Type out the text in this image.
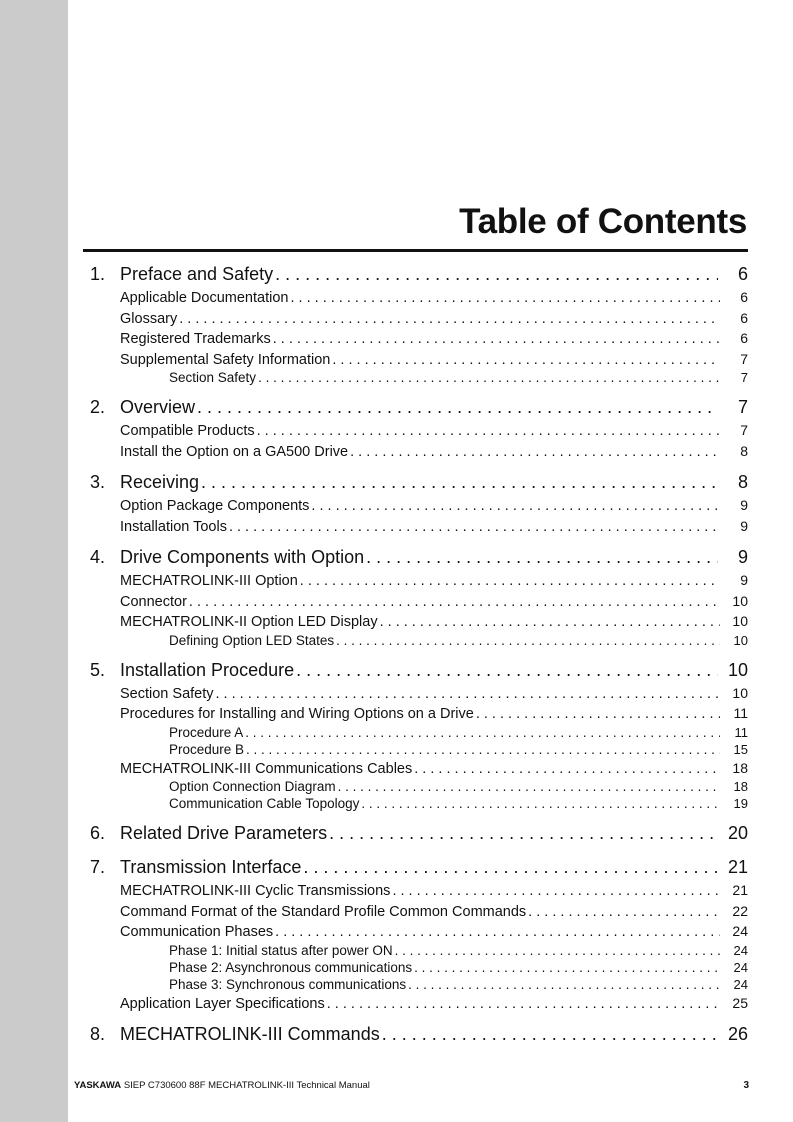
Table of Contents
1. Preface and Safety . . .	6
Applicable Documentation . . .	6
Glossary . . .	6
Registered Trademarks . . .	6
Supplemental Safety Information . . .	7
Section Safety . . .	7
2. Overview . . .	7
Compatible Products . . .	7
Install the Option on a GA500 Drive . . .	8
3. Receiving . . .	8
Option Package Components . . .	9
Installation Tools . . .	9
4. Drive Components with Option . . .	9
MECHATROLINK-III Option . . .	9
Connector . . .	10
MECHATROLINK-II Option LED Display . . .	10
Defining Option LED States . . .	10
5. Installation Procedure . . .	10
Section Safety . . .	10
Procedures for Installing and Wiring Options on a Drive . . .	11
Procedure A . . .	11
Procedure B . . .	15
MECHATROLINK-III Communications Cables . . .	18
Option Connection Diagram . . .	18
Communication Cable Topology . . .	19
6. Related Drive Parameters . . .	20
7. Transmission Interface . . .	21
MECHATROLINK-III Cyclic Transmissions . . .	21
Command Format of the Standard Profile Common Commands . . .	22
Communication Phases . . .	24
Phase 1: Initial status after power ON . . .	24
Phase 2: Asynchronous communications . . .	24
Phase 3: Synchronous communications . . .	24
Application Layer Specifications . . .	25
8. MECHATROLINK-III Commands . . .	26
YASKAWA SIEP C730600 88F MECHATROLINK-III Technical Manual	3
